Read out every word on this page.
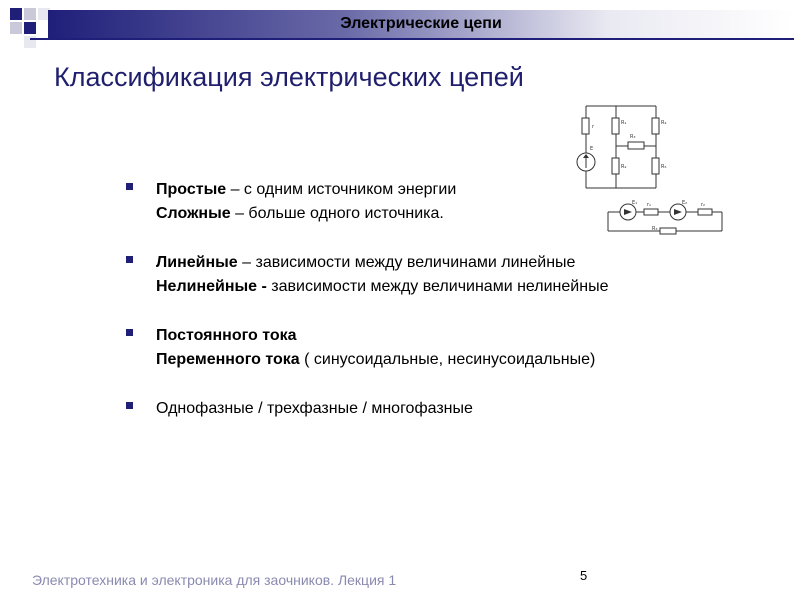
Электрические цепи
Классификация электрических цепей
r
R₁	R₄
R₃
R₂	R₅
E
E₁	E₂
r₁	r₂
R₃
Простые – с одним источником энергии
Сложные – больше одного источника.
Линейные – зависимости между величинами линейные
Нелинейные - зависимости между величинами нелинейные
Постоянного тока
Переменного тока ( синусоидальные, несинусоидальные)
Однофазные / трехфазные / многофазные
Электротехника и электроника для заочников. Лекция 1	5
